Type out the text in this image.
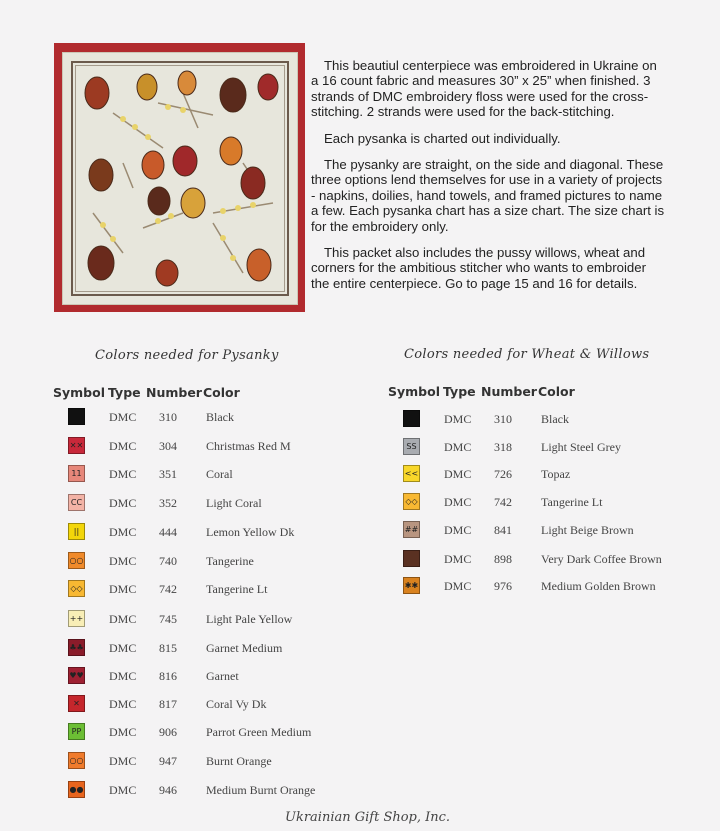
This beautiul centerpiece was embroidered in Ukraine on a 16 count fabric and measures 30” x 25” when finished. 3 strands of DMC embroidery floss were used for the cross-stitching. 2 strands were used for the back-stitching.

Each pysanka is charted out individually.

The pysanky are straight, on the side and diagonal. These three options lend themselves for use in a variety of projects - napkins, doilies, hand towels, and framed pictures to name a few. Each pysanka chart has a size chart. The size chart is for the embroidery only.

This packet also includes the pussy willows, wheat and corners for the ambitious stitcher who wants to embroider the entire centerpiece. Go to page 15 and 16 for details.

Colors needed for Pysanky	Colors needed for Wheat & Willows
Symbol Type Number Color	Symbol Type Number Color
DMC 310 Black
✕✕ DMC 304 Christmas Red M
11 DMC 351 Coral
CC DMC 352 Light Coral
||	DMC 444 Lemon Yellow Dk
○○ DMC 740 Tangerine
◇◇ DMC 742 Tangerine Lt
++ DMC 745 Light Pale Yellow
♣♣ DMC 815 Garnet Medium
♥♥ DMC 816 Garnet
✕	DMC 817 Coral Vy Dk
PP	DMC 906 Parrot Green Medium
○○ DMC 947 Burnt Orange
●● DMC 946 Medium Burnt Orange
DMC 310 Black
SS DMC 318 Light Steel Grey
<< DMC 726 Topaz
◇◇ DMC 742 Tangerine Lt
## DMC 841 Light Beige Brown
DMC 898 Very Dark Coffee Brown
✱✱ DMC 976 Medium Golden Brown
Ukrainian Gift Shop, Inc.
